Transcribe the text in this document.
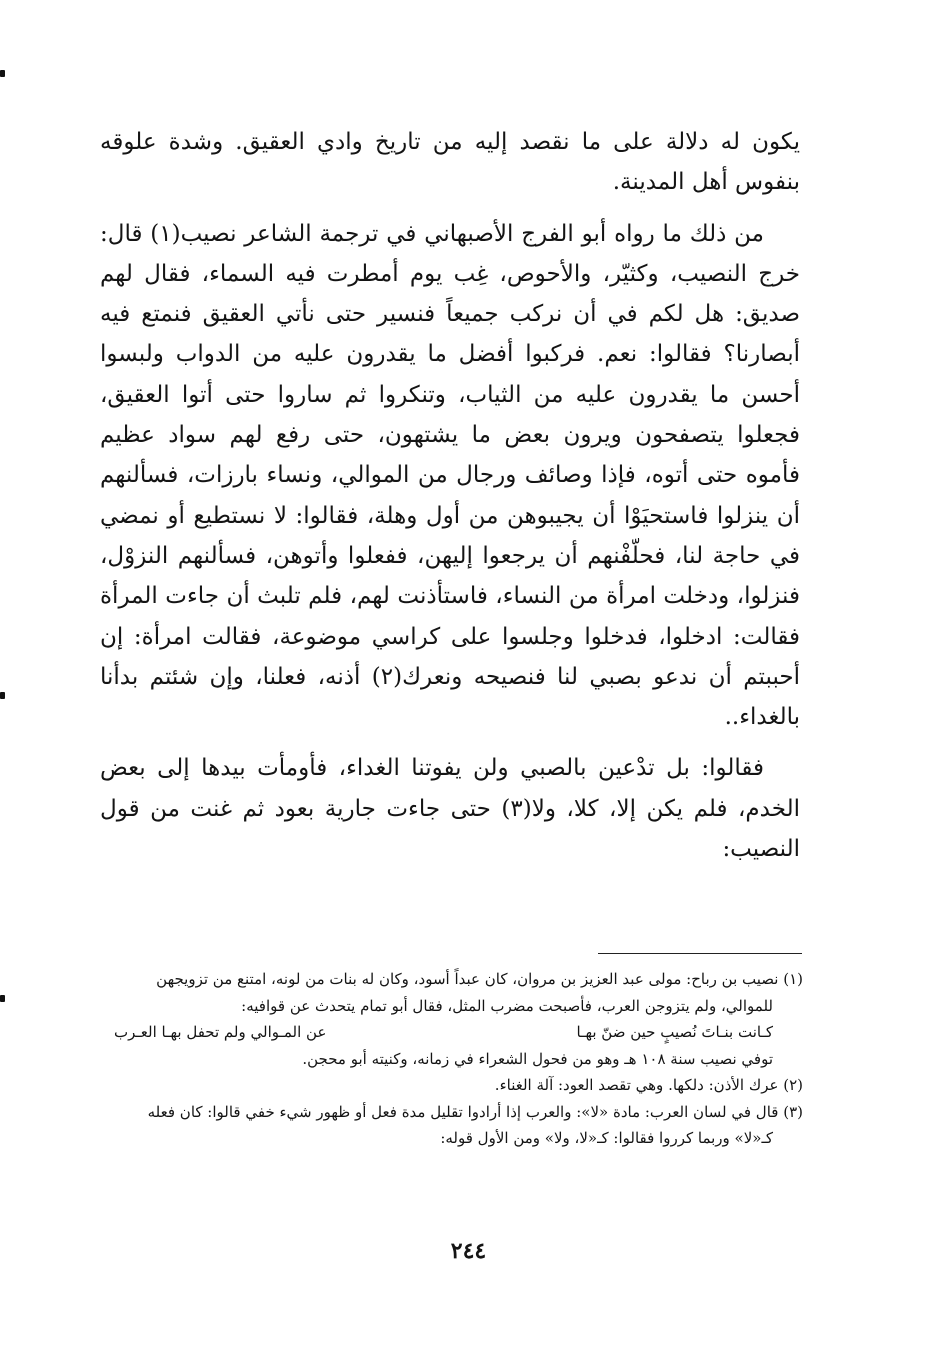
يكون له دلالة على ما نقصد إليه من تاريخ وادي العقيق. وشدة علوقه بنفوس أهل المدينة.

من ذلك ما رواه أبو الفرج الأصبهاني في ترجمة الشاعر نصيب(١) قال: خرج النصيب، وكثيّر، والأحوص، غِب يوم أمطرت فيه السماء، فقال لهم صديق: هل لكم في أن نركب جميعاً فنسير حتى نأتي العقيق فنمتع فيه أبصارنا؟ فقالوا: نعم. فركبوا أفضل ما يقدرون عليه من الدواب ولبسوا أحسن ما يقدرون عليه من الثياب، وتنكروا ثم ساروا حتى أتوا العقيق، فجعلوا يتصفحون ويرون بعض ما يشتهون، حتى رفع لهم سواد عظيم فأموه حتى أتوه، فإذا وصائف ورجال من الموالي، ونساء بارزات، فسألنهم أن ينزلوا فاستحيَوْا أن يجيبوهن من أول وهلة، فقالوا: لا نستطيع أو نمضي في حاجة لنا، فحلّفْنهم أن يرجعوا إليهن، ففعلوا وأتوهن، فسألنهم النزوْل، فنزلوا، ودخلت امرأة من النساء، فاستأذنت لهم، فلم تلبث أن جاءت المرأة فقالت: ادخلوا، فدخلوا وجلسوا على كراسي موضوعة، فقالت امرأة: إن أحببتم أن ندعو بصبي لنا فنصيحه ونعرك(٢) أذنه، فعلنا، وإن شئتم بدأنا بالغداء..

فقالوا: بل تدْعين بالصبي ولن يفوتنا الغداء، فأومأت بيدها إلى بعض الخدم، فلم يكن إلا، كلا، ولا(٣) حتى جاءت جارية بعود ثم غنت من قول النصيب:

(١) نصيب بن رباح: مولى عبد العزيز بن مروان، كان عبداً أسود، وكان له بنات من لونه، امتنع من تزويجهن للموالي، ولم يتزوجن العرب، فأصبحت مضرب المثل، فقال أبو تمام يتحدث عن قوافيه:

كـانت بنـاتَ نُصيبٍ حين ضنّ بهـا
عن المـوالي ولم تحفل بهـا العـرب

توفي نصيب سنة ١٠٨ هـ وهو من فحول الشعراء في زمانه، وكنيته أبو محجن.

(٢) عرك الأذن: دلكها. وهي تقصد العود: آلة الغناء.

(٣) قال في لسان العرب: مادة «لا»: والعرب إذا أرادوا تقليل مدة فعل أو ظهور شيء خفي قالوا: كان فعله كـ«لا» وربما كرروا فقالوا: كـ«لا، ولا» ومن الأول قوله:

٢٤٤
